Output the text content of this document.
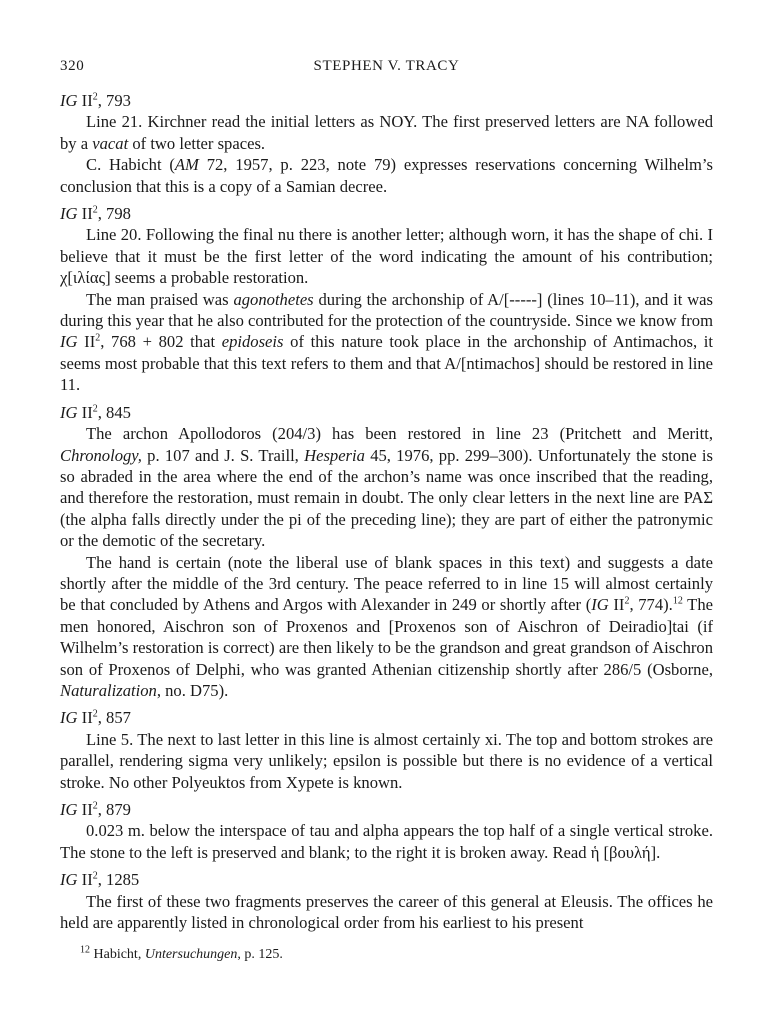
320	STEPHEN V. TRACY
IG $II^2$, 793

Line 21. Kirchner read the initial letters as NOY. The first preserved letters are NA followed by a vacat of two letter spaces.

C. Habicht (AM 72, 1957, p. 223, note 79) expresses reservations concerning Wilhelm’s conclusion that this is a copy of a Samian decree.

IG $II^2$, 798

Line 20. Following the final nu there is another letter; although worn, it has the shape of chi. I believe that it must be the first letter of the word indicating the amount of his contribution; χ[ιλίας] seems a probable restoration.

The man praised was agonothetes during the archonship of A/[-----] (lines 10–11), and it was during this year that he also contributed for the protection of the countryside. Since we know from IG II$^2$, 768 + 802 that epidoseis of this nature took place in the archonship of Antimachos, it seems most probable that this text refers to them and that A/[ntimachos] should be restored in line 11.

IG $II^2$, 845

The archon Apollodoros (204/3) has been restored in line 23 (Pritchett and Meritt, Chronology, p. 107 and J. S. Traill, Hesperia 45, 1976, pp. 299–300). Unfortunately the stone is so abraded in the area where the end of the archon’s name was once inscribed that the reading, and therefore the restoration, must remain in doubt. The only clear letters in the next line are ΡΑΣ (the alpha falls directly under the pi of the preceding line); they are part of either the patronymic or the demotic of the secretary.

The hand is certain (note the liberal use of blank spaces in this text) and suggests a date shortly after the middle of the 3rd century. The peace referred to in line 15 will almost certainly be that concluded by Athens and Argos with Alexander in 249 or shortly after (IG II$^2$, 774).$^{12}$ The men honored, Aischron son of Proxenos and [Proxenos son of Aischron of Deiradio]tai (if Wilhelm’s restoration is correct) are then likely to be the grandson and great grandson of Aischron son of Proxenos of Delphi, who was granted Athenian citizenship shortly after 286/5 (Osborne, Naturalization, no. D75).

IG $II^2$, 857

Line 5. The next to last letter in this line is almost certainly xi. The top and bottom strokes are parallel, rendering sigma very unlikely; epsilon is possible but there is no evidence of a vertical stroke. No other Polyeuktos from Xypete is known.

IG $II^2$, 879

0.023 m. below the interspace of tau and alpha appears the top half of a single vertical stroke. The stone to the left is preserved and blank; to the right it is broken away. Read ἡ [βουλή].

IG $II^2$, 1285

The first of these two fragments preserves the career of this general at Eleusis. The offices he held are apparently listed in chronological order from his earliest to his present

$^{12}$ Habicht, Untersuchungen, p. 125.
